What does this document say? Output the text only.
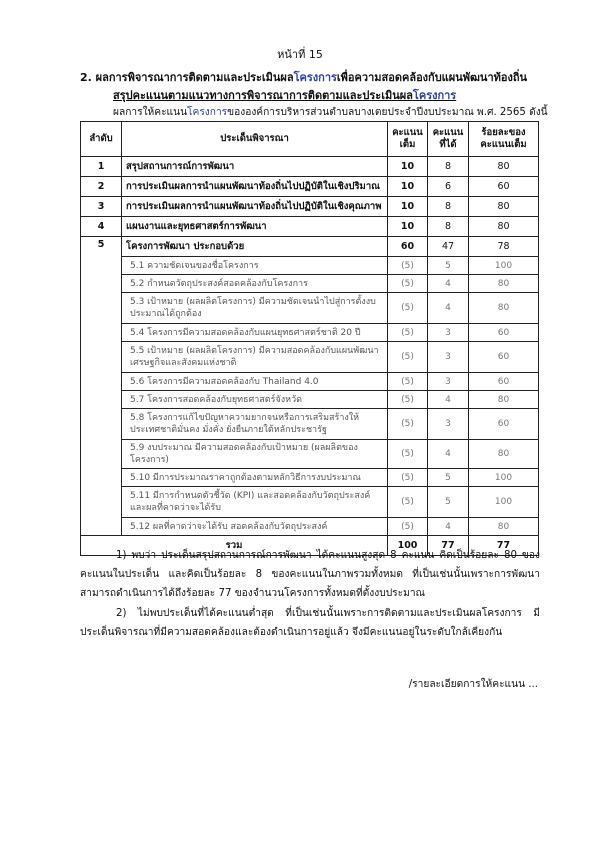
หน้าที่ 15
2. ผลการพิจารณาการติดตามและประเมินผลโครงการเพื่อความสอดคล้องกับแผนพัฒนาท้องถิ่น
สรุปคะแนนตามแนวทางการพิจารณาการติดตามและประเมินผลโครงการ
ผลการให้คะแนนโครงการขององค์การบริหารส่วนตำบลบางเตยประจำปีงบประมาณ พ.ศ. 2565 ดังนี้
ลำดับ	ประเด็นพิจารณา	คะแนนเต็ม	คะแนนที่ได้	ร้อยละของคะแนนเต็ม
1	สรุปสถานการณ์การพัฒนา	10	8	80
2	การประเมินผลการนำแผนพัฒนาท้องถิ่นไปปฏิบัติในเชิงปริมาณ	10	6	60
3	การประเมินผลการนำแผนพัฒนาท้องถิ่นไปปฏิบัติในเชิงคุณภาพ	10	8	80
4	แผนงานและยุทธศาสตร์การพัฒนา	10	8	80
5	โครงการพัฒนา ประกอบด้วย	60	47	78
	5.1 ความชัดเจนของชื่อโครงการ	(5)	5	100
	5.2 กำหนดวัตถุประสงค์สอดคล้องกับโครงการ	(5)	4	80
	5.3 เป้าหมาย (ผลผลิตโครงการ) มีความชัดเจนนำไปสู่การตั้งงบประมาณได้ถูกต้อง	(5)	4	80
	5.4 โครงการมีความสอดคล้องกับแผนยุทธศาสตร์ชาติ 20 ปี	(5)	3	60
	5.5 เป้าหมาย (ผลผลิตโครงการ) มีความสอดคล้องกับแผนพัฒนาเศรษฐกิจและสังคมแห่งชาติ	(5)	3	60
	5.6 โครงการมีความสอดคล้องกับ Thailand 4.0	(5)	3	60
	5.7 โครงการสอดคล้องกับยุทธศาสตร์จังหวัด	(5)	4	80
	5.8 โครงการแก้ไขปัญหาความยากจนหรือการเสริมสร้างให้ประเทศชาติมั่นคง มั่งคั่ง ยั่งยืนภายใต้หลักประชารัฐ	(5)	3	60
	5.9 งบประมาณ มีความสอดคล้องกับเป้าหมาย (ผลผลิตของโครงการ)	(5)	4	80
	5.10 มีการประมาณราคาถูกต้องตามหลักวิธีการงบประมาณ	(5)	5	100
	5.11 มีการกำหนดตัวชี้วัด (KPI) และสอดคล้องกับวัตถุประสงค์และผลที่คาดว่าจะได้รับ	(5)	5	100
	5.12 ผลที่คาดว่าจะได้รับ สอดคล้องกับวัตถุประสงค์	(5)	4	80
รวม		100	77	77

1) พบว่า ประเด็นสรุปสถานการณ์การพัฒนา ได้คะแนนสูงสุด 8 คะแนน คิดเป็นร้อยละ 80 ของคะแนนในประเด็น และคิดเป็นร้อยละ 8 ของคะแนนในภาพรวมทั้งหมด ที่เป็นเช่นนั้นเพราะการพัฒนาสามารถดำเนินการได้ถึงร้อยละ 77 ของจำนวนโครงการทั้งหมดที่ตั้งงบประมาณ

2) ไม่พบประเด็นที่ได้คะแนนต่ำสุด ที่เป็นเช่นนั้นเพราะการติดตามและประเมินผลโครงการ มีประเด็นพิจารณาที่มีความสอดคล้องและต้องดำเนินการอยู่แล้ว จึงมีคะแนนอยู่ในระดับใกล้เคียงกัน

/รายละเอียดการให้คะแนน ...
